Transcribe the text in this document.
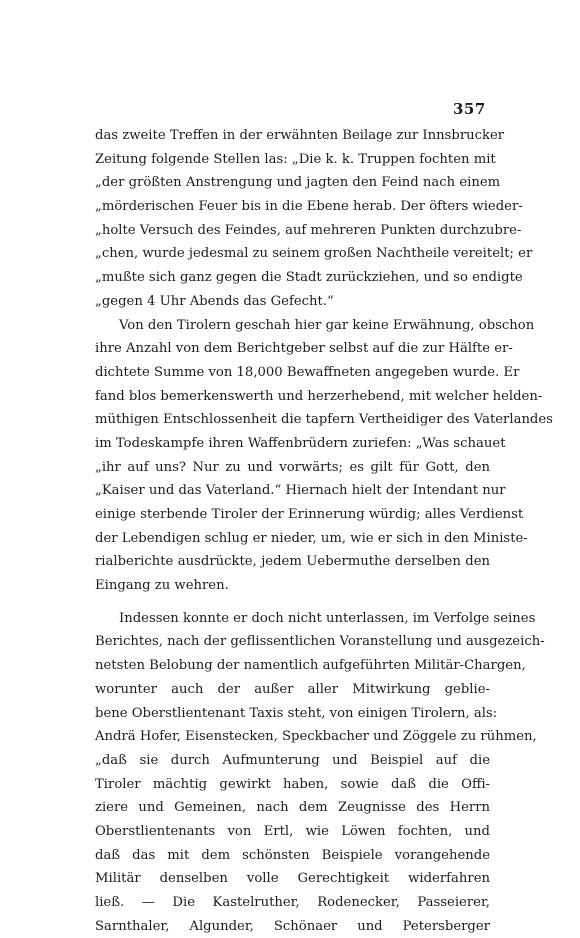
357
das zweite Treffen in der erwähnten Beilage zur Innsbrucker
Zeitung folgende Stellen las: „Die k. k. Truppen fochten mit
„der größten Anstrengung und jagten den Feind nach einem
„mörderischen Feuer bis in die Ebene herab. Der öfters wieder-
„holte Versuch des Feindes, auf mehreren Punkten durchzubre-
„chen, wurde jedesmal zu seinem großen Nachtheile vereitelt; er
„mußte sich ganz gegen die Stadt zurückziehen, und so endigte
„gegen 4 Uhr Abends das Gefecht.“
Von den Tirolern geschah hier gar keine Erwähnung, obschon
ihre Anzahl von dem Berichtgeber selbst auf die zur Hälfte er-
dichtete Summe von 18,000 Bewaffneten angegeben wurde. Er
fand blos bemerkenswerth und herzerhebend, mit welcher helden-
müthigen Entschlossenheit die tapfern Vertheidiger des Vaterlandes
im Todeskampfe ihren Waffenbrüdern zuriefen: „Was schauet
„ihr auf uns? Nur zu und vorwärts; es gilt für Gott, den
„Kaiser und das Vaterland.“ Hiernach hielt der Intendant nur
einige sterbende Tiroler der Erinnerung würdig; alles Verdienst
der Lebendigen schlug er nieder, um, wie er sich in den Ministe-
rialberichte ausdrückte, jedem Uebermuthe derselben den
Eingang zu wehren.
Indessen konnte er doch nicht unterlassen, im Verfolge seines
Berichtes, nach der geflissentlichen Voranstellung und ausgezeich-
netsten Belobung der namentlich aufgeführten Militär-Chargen,
worunter auch der außer aller Mitwirkung geblie-
bene Oberstlientenant Taxis steht, von einigen Tirolern, als:
Andrä Hofer, Eisenstecken, Speckbacher und Zöggele zu rühmen,
„daß sie durch Aufmunterung und Beispiel auf die
Tiroler mächtig gewirkt haben, sowie daß die Offi-
ziere und Gemeinen, nach dem Zeugnisse des Herrn
Oberstlientenants von Ertl, wie Löwen fochten, und
daß das mit dem schönsten Beispiele vorangehende
Militär denselben volle Gerechtigkeit widerfahren
ließ. — Die Kastelruther, Rodenecker, Passeierer,
Sarnthaler, Algunder, Schönaer und Petersberger
